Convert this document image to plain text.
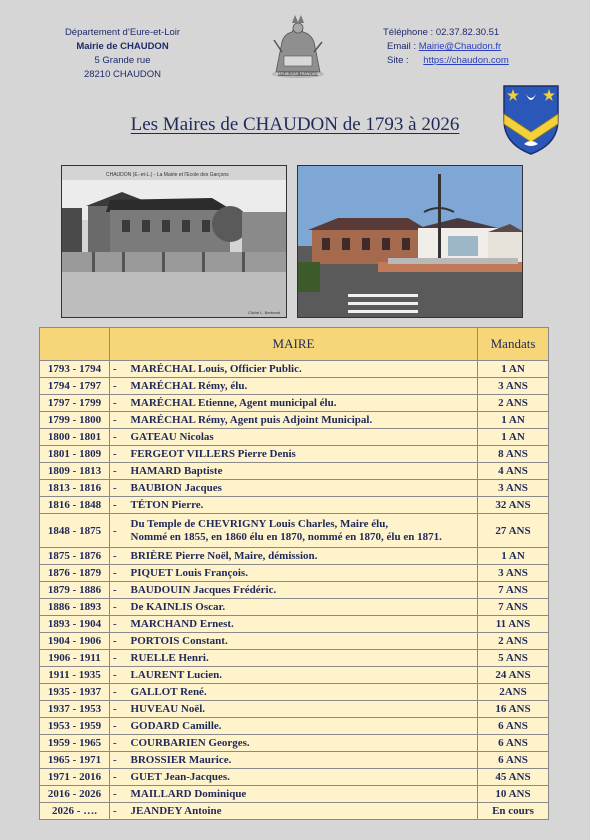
Département d’Eure-et-Loir
Mairie de CHAUDON
5 Grande rue
28210 CHAUDON	REPUBLIQUE FRANÇAISE
Téléphone : 02.37.82.30.51
Email : Mairie@Chaudon.fr
Site : https://chaudon.com
Les Maires de CHAUDON de 1793 à 2026
CHAUDON (E.-et-L.) - La Mairie et l'Ecole des Garçons
Cliché L. Bertrand
	MAIRE		Mandats
1793 - 1794	-	MARÉCHAL Louis, Officier Public.	1 AN
1794 - 1797	-	MARÉCHAL Rémy, élu.	3 ANS
1797 - 1799	-	MARÉCHAL Etienne, Agent municipal élu.	2 ANS
1799 - 1800	-	MARÉCHAL Rémy, Agent puis Adjoint Municipal.	1 AN
1800 - 1801	-	GATEAU Nicolas	1 AN
1801 - 1809	-	FERGEOT VILLERS Pierre Denis	8 ANS
1809 - 1813	-	HAMARD Baptiste	4 ANS
1813 - 1816	-	BAUBION Jacques	3 ANS
1816 - 1848	-	TÉTON Pierre.	32 ANS
1848 - 1875	-	Du Temple de CHEVRIGNY Louis Charles, Maire élu,
Nommé en 1855, en 1860 élu en 1870, nommé en 1870, élu en 1871.	27 ANS
1875 - 1876	-	BRIÈRE Pierre Noël, Maire, démission.	1 AN
1876 - 1879	-	PIQUET Louis François.	3 ANS
1879 - 1886	-	BAUDOUIN Jacques Frédéric.	7 ANS
1886 - 1893	-	De KAINLIS Oscar.	7 ANS
1893 - 1904	-	MARCHAND Ernest.	11 ANS
1904 - 1906	-	PORTOIS Constant.	2 ANS
1906 - 1911	-	RUELLE Henri.	5 ANS
1911 - 1935	-	LAURENT Lucien.	24 ANS
1935 - 1937	-	GALLOT René.	2ANS
1937 - 1953	-	HUVEAU Noël.	16 ANS
1953 - 1959	-	GODARD Camille.	6 ANS
1959 - 1965	-	COURBARIEN Georges.	6 ANS
1965 - 1971	-	BROSSIER Maurice.	6 ANS
1971 - 2016	-	GUET Jean-Jacques.	45 ANS
2016 - 2026	-	MAILLARD Dominique	10 ANS
2026 - ….	-	JEANDEY Antoine	En cours
